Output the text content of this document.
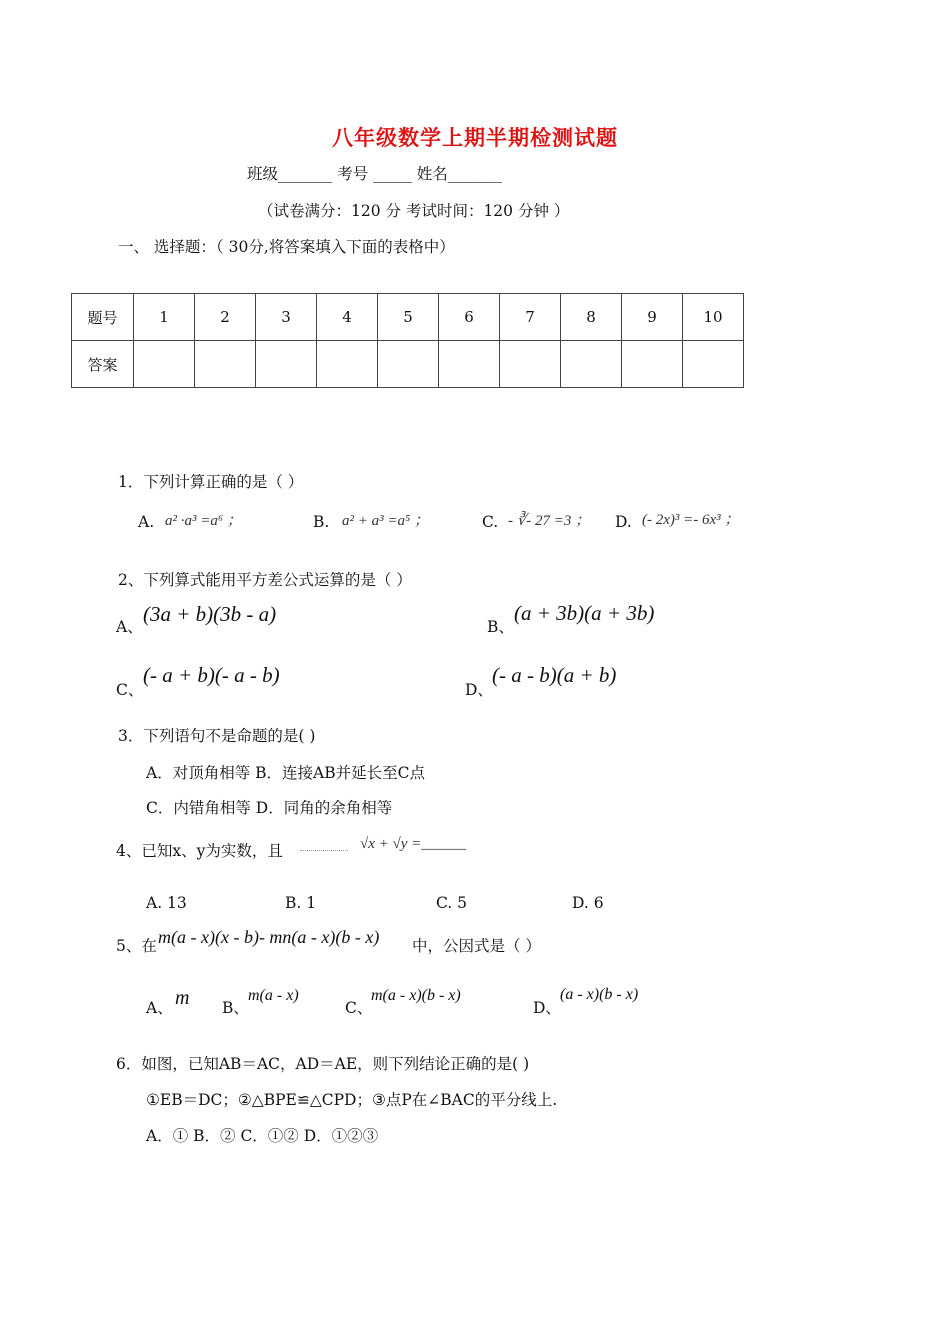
八年级数学上期半期检测试题
班级_______ 考号 _____ 姓名_______
（试卷满分：120 分 考试时间：120 分钟 ）
一、 选择题：（ 30分,将答案填入下面的表格中）
题号	1	2	3	4	5	6	7	8	9	10
答案										
1．下列计算正确的是（ ）
A. a² ·a³ =a⁶ ；	B. a² + a³ =a⁵ ；	C. - ∛- 27 =3 ； D. (- 2x)³ =- 6x³ ；
2、下列算式能用平方差公式运算的是（ ）
A、
(3a + b)(3b - a)
B、
(a + 3b)(a + 3b)
C、
(- a + b)(- a - b)
D、
(- a - b)(a + b)
3．下列语句不是命题的是( )
A．对顶角相等 B．连接AB并延长至C点
C．内错角相等 D．同角的余角相等
4、已知x、y为实数，且	√x + √y =______
A. 13	B. 1	C. 5	D. 6
5、在 m(a - x)(x - b)- mn(a - x)(b - x) 中，公因式是（ ）
A、 m B、
m(a - x)
C、
m(a - x)(b - x)
D、
(a - x)(b - x)
6．如图，已知AB＝AC，AD＝AE，则下列结论正确的是( )
①EB＝DC；②△BPE≌△CPD；③点P在∠BAC的平分线上.
A．① B．② C．①② D．①②③
